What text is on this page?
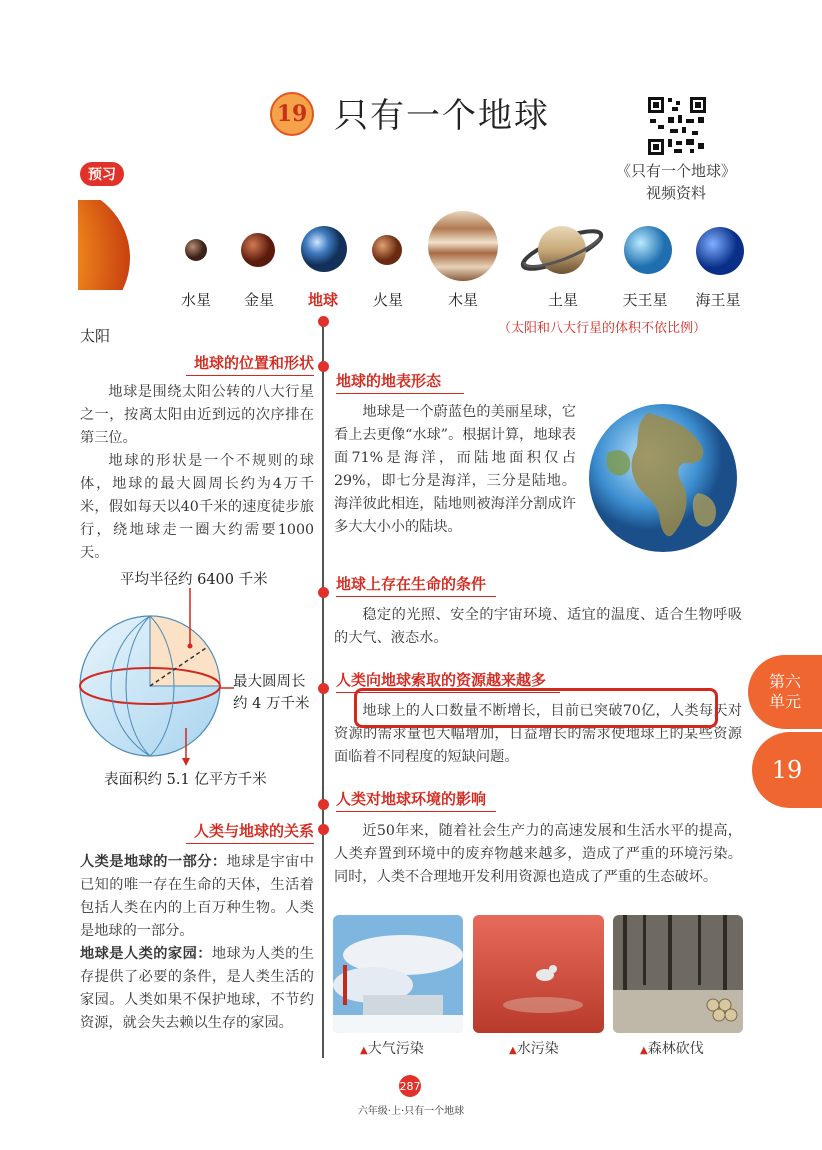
19 只有一个地球
《只有一个地球》
视频资料
预习
水星	金星	地球	火星	木星	土星	天王星	海王星
（太阳和八大行星的体积不依比例）
太阳
地球的位置和形状
地球是围绕太阳公转的八大行星之一，按离太阳由近到远的次序排在第三位。
地球的形状是一个不规则的球体，地球的最大圆周长约为4万千米，假如每天以40千米的速度徒步旅行，绕地球走一圈大约需要1000天。
平均半径约 6400 千米
最大圆周长
约 4 万千米
表面积约 5.1 亿平方千米
人类与地球的关系
人类是地球的一部分：地球是宇宙中已知的唯一存在生命的天体，生活着包括人类在内的上百万种生物。人类是地球的一部分。
地球是人类的家园：地球为人类的生存提供了必要的条件，是人类生活的家园。人类如果不保护地球，不节约资源，就会失去赖以生存的家园。
地球的地表形态
地球是一个蔚蓝色的美丽星球，它看上去更像“水球”。根据计算，地球表面71%是海洋，而陆地面积仅占29%，即七分是海洋，三分是陆地。海洋彼此相连，陆地则被海洋分割成许多大大小小的陆块。
地球上存在生命的条件
稳定的光照、安全的宇宙环境、适宜的温度、适合生物呼吸的大气、液态水。
人类向地球索取的资源越来越多
地球上的人口数量不断增长，目前已突破70亿，人类每天对资源的需求量也大幅增加，日益增长的需求使地球上的某些资源面临着不同程度的短缺问题。
人类对地球环境的影响
近50年来，随着社会生产力的高速发展和生活水平的提高，人类弃置到环境中的废弃物越来越多，造成了严重的环境污染。同时，人类不合理地开发利用资源也造成了严重的生态破坏。
▲大气污染	▲水污染	▲森林砍伐
第六
单元
19
287
六年级·上·只有一个地球
